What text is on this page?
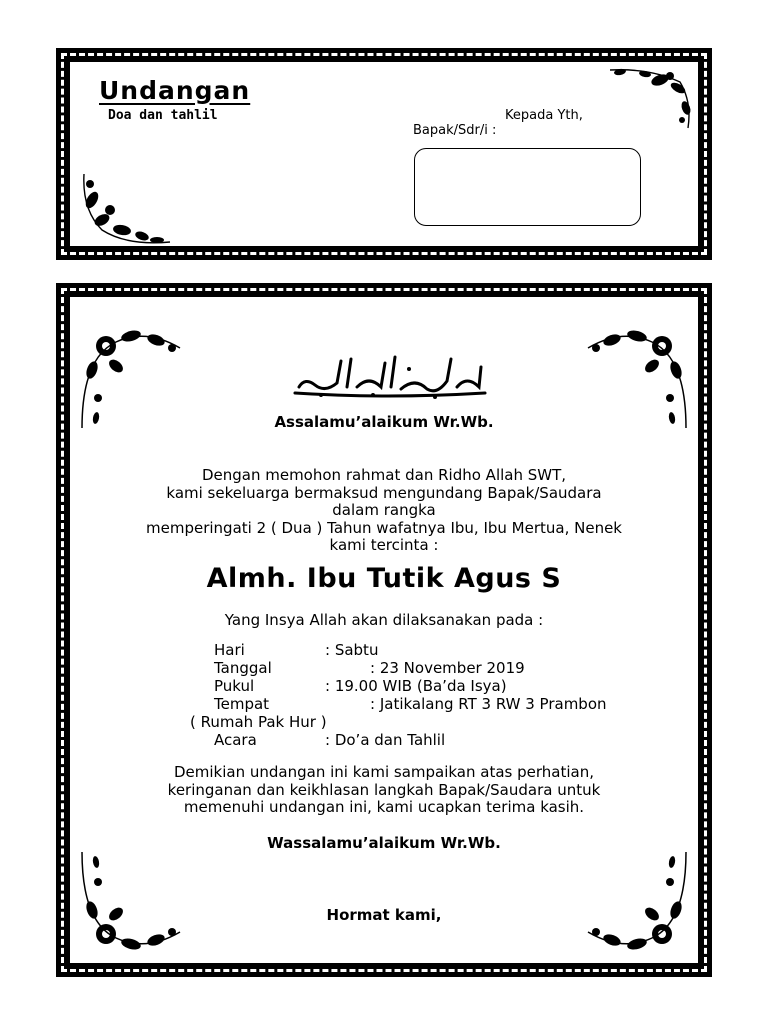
Undangan
Doa dan tahlil	Kepada Yth,
Bapak/Sdr/i :
Assalamu’alaikum Wr.Wb.
Dengan memohon rahmat dan Ridho Allah SWT,
kami sekeluarga bermaksud mengundang Bapak/Saudara
dalam rangka
memperingati 2 ( Dua ) Tahun wafatnya Ibu, Ibu Mertua, Nenek
kami tercinta :
Almh. Ibu Tutik Agus S
Yang Insya Allah akan dilaksanakan pada :
Hari	: Sabtu
Tanggal	: 23 November 2019
Pukul	: 19.00 WIB (Ba’da Isya)
Tempat	: Jatikalang RT 3 RW 3 Prambon
( Rumah Pak Hur )
Acara	: Do’a dan Tahlil
Demikian undangan ini kami sampaikan atas perhatian,
keringanan dan keikhlasan langkah Bapak/Saudara untuk
memenuhi undangan ini, kami ucapkan terima kasih.
Wassalamu’alaikum Wr.Wb.
Hormat kami,
